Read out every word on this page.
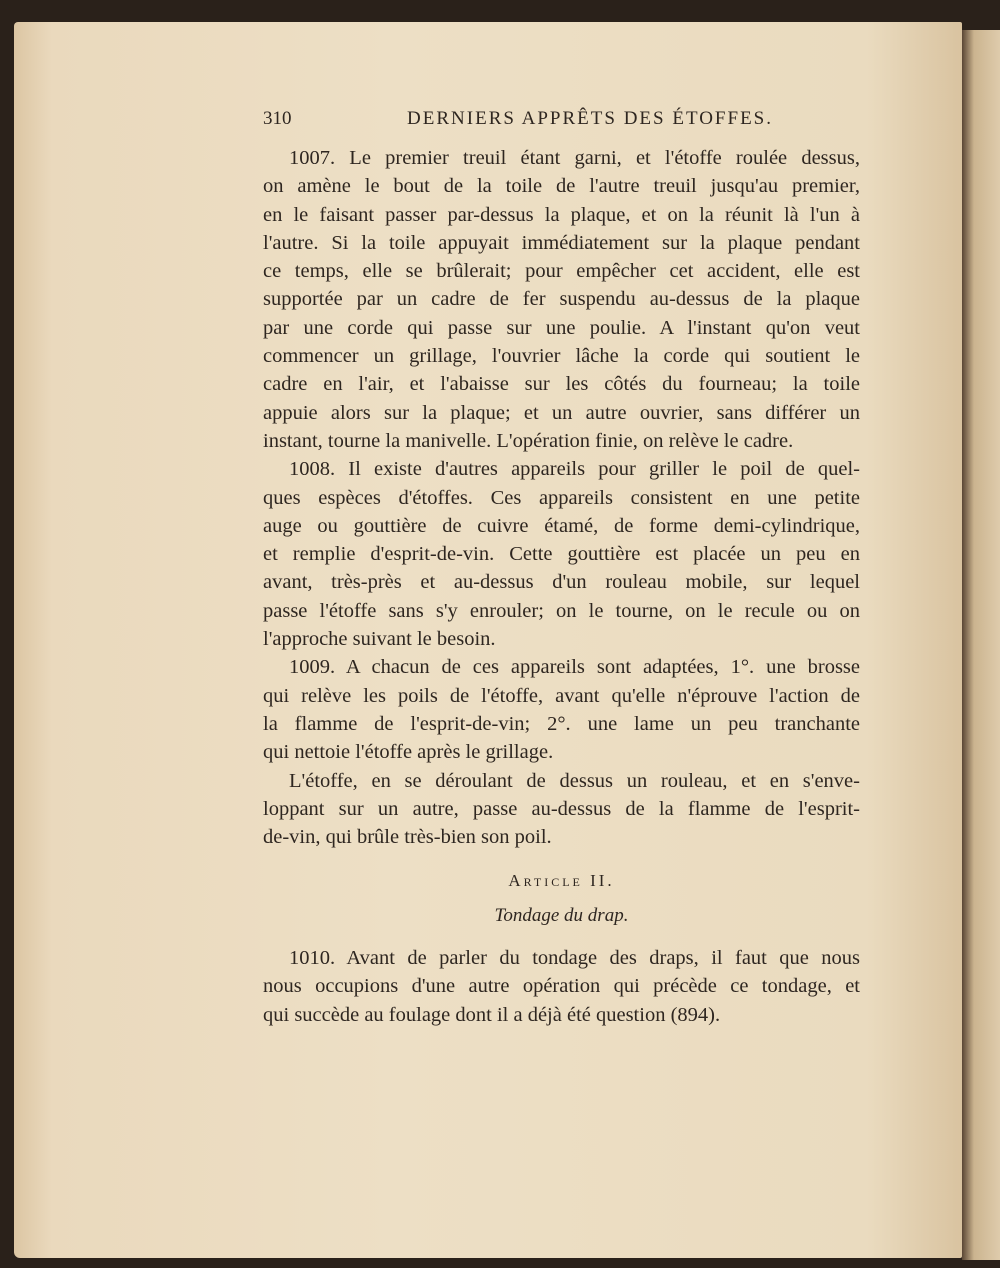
310	DERNIERS APPRÊTS DES ÉTOFFES.
1007. Le premier treuil étant garni, et l'étoffe roulée dessus,
on amène le bout de la toile de l'autre treuil jusqu'au premier,
en le faisant passer par-dessus la plaque, et on la réunit là l'un à
l'autre. Si la toile appuyait immédiatement sur la plaque pendant
ce temps, elle se brûlerait; pour empêcher cet accident, elle est
supportée par un cadre de fer suspendu au-dessus de la plaque
par une corde qui passe sur une poulie. A l'instant qu'on veut
commencer un grillage, l'ouvrier lâche la corde qui soutient le
cadre en l'air, et l'abaisse sur les côtés du fourneau; la toile
appuie alors sur la plaque; et un autre ouvrier, sans différer un
instant, tourne la manivelle. L'opération finie, on relève le cadre.
1008. Il existe d'autres appareils pour griller le poil de quel-
ques espèces d'étoffes. Ces appareils consistent en une petite
auge ou gouttière de cuivre étamé, de forme demi-cylindrique,
et remplie d'esprit-de-vin. Cette gouttière est placée un peu en
avant, très-près et au-dessus d'un rouleau mobile, sur lequel
passe l'étoffe sans s'y enrouler; on le tourne, on le recule ou on
l'approche suivant le besoin.
1009. A chacun de ces appareils sont adaptées, 1°. une brosse
qui relève les poils de l'étoffe, avant qu'elle n'éprouve l'action de
la flamme de l'esprit-de-vin; 2°. une lame un peu tranchante
qui nettoie l'étoffe après le grillage.
L'étoffe, en se déroulant de dessus un rouleau, et en s'enve-
loppant sur un autre, passe au-dessus de la flamme de l'esprit-
de-vin, qui brûle très-bien son poil.
Article II.
Tondage du drap.
1010. Avant de parler du tondage des draps, il faut que nous
nous occupions d'une autre opération qui précède ce tondage, et
qui succède au foulage dont il a déjà été question (894).
